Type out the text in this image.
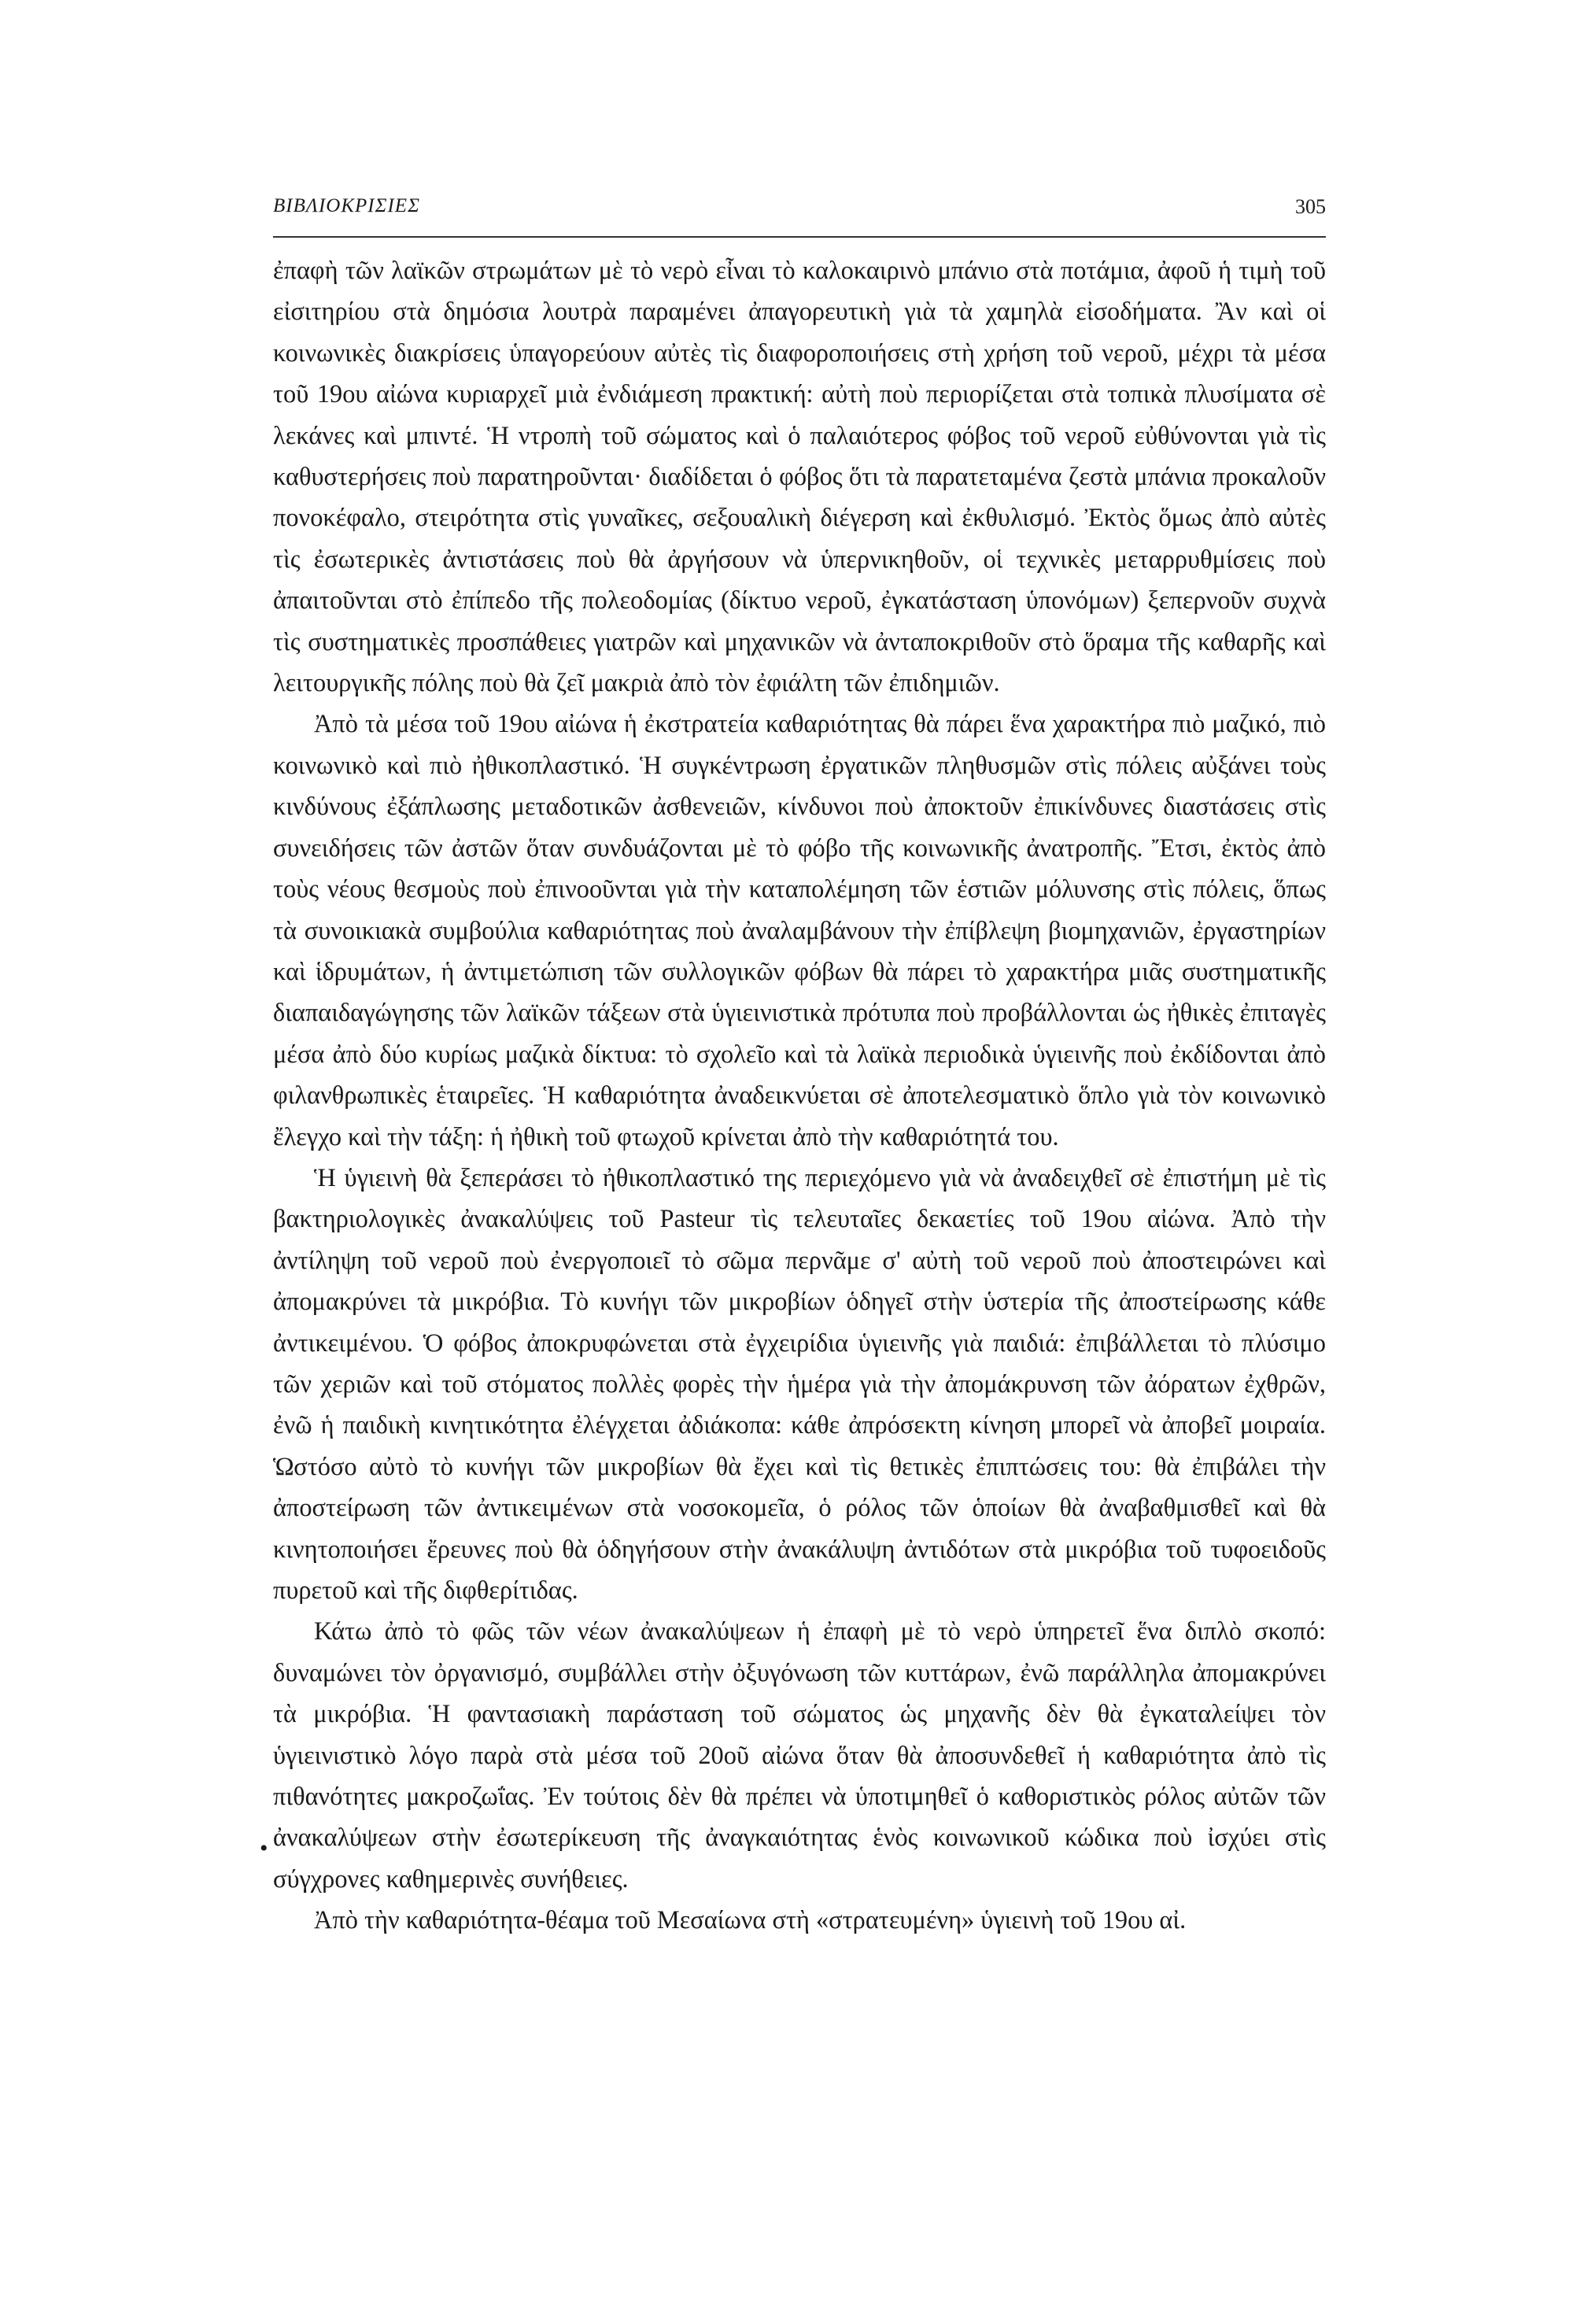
ΒΙΒΛΙΟΚΡΙΣΙΕΣ	305

ἐπαφὴ τῶν λαϊκῶν στρωμάτων μὲ τὸ νερὸ εἶναι τὸ καλοκαιρινὸ μπάνιο στὰ ποτάμια, ἀφοῦ ἡ τιμὴ τοῦ εἰσιτηρίου στὰ δημόσια λουτρὰ παραμένει ἀπαγορευτικὴ γιὰ τὰ χαμηλὰ εἰσοδήματα. Ἂν καὶ οἱ κοινωνικὲς διακρίσεις ὑπαγορεύουν αὐτὲς τὶς διαφοροποιήσεις στὴ χρήση τοῦ νεροῦ, μέχρι τὰ μέσα τοῦ 19ου αἰώνα κυριαρχεῖ μιὰ ἐνδιάμεση πρακτική: αὐτὴ ποὺ περιορίζεται στὰ τοπικὰ πλυσίματα σὲ λεκάνες καὶ μπιντέ. Ἡ ντροπὴ τοῦ σώματος καὶ ὁ παλαιότερος φόβος τοῦ νεροῦ εὐθύνονται γιὰ τὶς καθυστερήσεις ποὺ παρατηροῦνται· διαδίδεται ὁ φόβος ὅτι τὰ παρατεταμένα ζεστὰ μπάνια προκαλοῦν πονοκέφαλο, στειρότητα στὶς γυναῖκες, σεξουαλικὴ διέγερση καὶ ἐκθυλισμό. Ἐκτὸς ὅμως ἀπὸ αὐτὲς τὶς ἐσωτερικὲς ἀντιστάσεις ποὺ θὰ ἀργήσουν νὰ ὑπερνικηθοῦν, οἱ τεχνικὲς μεταρρυθμίσεις ποὺ ἀπαιτοῦνται στὸ ἐπίπεδο τῆς πολεοδομίας (δίκτυο νεροῦ, ἐγκατάσταση ὑπονόμων) ξεπερνοῦν συχνὰ τὶς συστηματικὲς προσπάθειες γιατρῶν καὶ μηχανικῶν νὰ ἀνταποκριθοῦν στὸ ὅραμα τῆς καθαρῆς καὶ λειτουργικῆς πόλης ποὺ θὰ ζεῖ μακριὰ ἀπὸ τὸν ἐφιάλτη τῶν ἐπιδημιῶν.

Ἀπὸ τὰ μέσα τοῦ 19ου αἰώνα ἡ ἐκστρατεία καθαριότητας θὰ πάρει ἕνα χαρακτήρα πιὸ μαζικό, πιὸ κοινωνικὸ καὶ πιὸ ἠθικοπλαστικό. Ἡ συγκέντρωση ἐργατικῶν πληθυσμῶν στὶς πόλεις αὐξάνει τοὺς κινδύνους ἐξάπλωσης μεταδοτικῶν ἀσθενειῶν, κίνδυνοι ποὺ ἀποκτοῦν ἐπικίνδυνες διαστάσεις στὶς συνειδήσεις τῶν ἀστῶν ὅταν συνδυάζονται μὲ τὸ φόβο τῆς κοινωνικῆς ἀνατροπῆς. Ἔτσι, ἐκτὸς ἀπὸ τοὺς νέους θεσμοὺς ποὺ ἐπινοοῦνται γιὰ τὴν καταπολέμηση τῶν ἑστιῶν μόλυνσης στὶς πόλεις, ὅπως τὰ συνοικιακὰ συμβούλια καθαριότητας ποὺ ἀναλαμβάνουν τὴν ἐπίβλεψη βιομηχανιῶν, ἐργαστηρίων καὶ ἱδρυμάτων, ἡ ἀντιμετώπιση τῶν συλλογικῶν φόβων θὰ πάρει τὸ χαρακτήρα μιᾶς συστηματικῆς διαπαιδαγώγησης τῶν λαϊκῶν τάξεων στὰ ὑγιεινιστικὰ πρότυπα ποὺ προβάλλονται ὡς ἠθικὲς ἐπιταγὲς μέσα ἀπὸ δύο κυρίως μαζικὰ δίκτυα: τὸ σχολεῖο καὶ τὰ λαϊκὰ περιοδικὰ ὑγιεινῆς ποὺ ἐκδίδονται ἀπὸ φιλανθρωπικὲς ἑταιρεῖες. Ἡ καθαριότητα ἀναδεικνύεται σὲ ἀποτελεσματικὸ ὅπλο γιὰ τὸν κοινωνικὸ ἔλεγχο καὶ τὴν τάξη: ἡ ἠθικὴ τοῦ φτωχοῦ κρίνεται ἀπὸ τὴν καθαριότητά του.

Ἡ ὑγιεινὴ θὰ ξεπεράσει τὸ ἠθικοπλαστικό της περιεχόμενο γιὰ νὰ ἀναδειχθεῖ σὲ ἐπιστήμη μὲ τὶς βακτηριολογικὲς ἀνακαλύψεις τοῦ Pasteur τὶς τελευταῖες δεκαετίες τοῦ 19ου αἰώνα. Ἀπὸ τὴν ἀντίληψη τοῦ νεροῦ ποὺ ἐνεργοποιεῖ τὸ σῶμα περνᾶμε σ' αὐτὴ τοῦ νεροῦ ποὺ ἀποστειρώνει καὶ ἀπομακρύνει τὰ μικρόβια. Τὸ κυνήγι τῶν μικροβίων ὁδηγεῖ στὴν ὑστερία τῆς ἀποστείρωσης κάθε ἀντικειμένου. Ὁ φόβος ἀποκρυφώνεται στὰ ἐγχειρίδια ὑγιεινῆς γιὰ παιδιά: ἐπιβάλλεται τὸ πλύσιμο τῶν χεριῶν καὶ τοῦ στόματος πολλὲς φορὲς τὴν ἡμέρα γιὰ τὴν ἀπομάκρυνση τῶν ἀόρατων ἐχθρῶν, ἐνῶ ἡ παιδικὴ κινητικότητα ἐλέγχεται ἀδιάκοπα: κάθε ἀπρόσεκτη κίνηση μπορεῖ νὰ ἀποβεῖ μοιραία. Ὡστόσο αὐτὸ τὸ κυνήγι τῶν μικροβίων θὰ ἔχει καὶ τὶς θετικὲς ἐπιπτώσεις του: θὰ ἐπιβάλει τὴν ἀποστείρωση τῶν ἀντικειμένων στὰ νοσοκομεῖα, ὁ ρόλος τῶν ὁποίων θὰ ἀναβαθμισθεῖ καὶ θὰ κινητοποιήσει ἔρευνες ποὺ θὰ ὁδηγήσουν στὴν ἀνακάλυψη ἀντιδότων στὰ μικρόβια τοῦ τυφοειδοῦς πυρετοῦ καὶ τῆς διφθερίτιδας.

Κάτω ἀπὸ τὸ φῶς τῶν νέων ἀνακαλύψεων ἡ ἐπαφὴ μὲ τὸ νερὸ ὑπηρετεῖ ἕνα διπλὸ σκοπό: δυναμώνει τὸν ὀργανισμό, συμβάλλει στὴν ὀξυγόνωση τῶν κυττάρων, ἐνῶ παράλληλα ἀπομακρύνει τὰ μικρόβια. Ἡ φαντασιακὴ παράσταση τοῦ σώματος ὡς μηχανῆς δὲν θὰ ἐγκαταλείψει τὸν ὑγιεινιστικὸ λόγο παρὰ στὰ μέσα τοῦ 20οῦ αἰώνα ὅταν θὰ ἀποσυνδεθεῖ ἡ καθαριότητα ἀπὸ τὶς πιθανότητες μακροζωΐας. Ἐν τούτοις δὲν θὰ πρέπει νὰ ὑποτιμηθεῖ ὁ καθοριστικὸς ρόλος αὐτῶν τῶν ἀνακαλύψεων στὴν ἐσωτερίκευση τῆς ἀναγκαιότητας ἑνὸς κοινωνικοῦ κώδικα ποὺ ἰσχύει στὶς σύγχρονες καθημερινὲς συνήθειες.

Ἀπὸ τὴν καθαριότητα-θέαμα τοῦ Μεσαίωνα στὴ «στρατευμένη» ὑγιεινὴ τοῦ 19ου αἰ.

•
